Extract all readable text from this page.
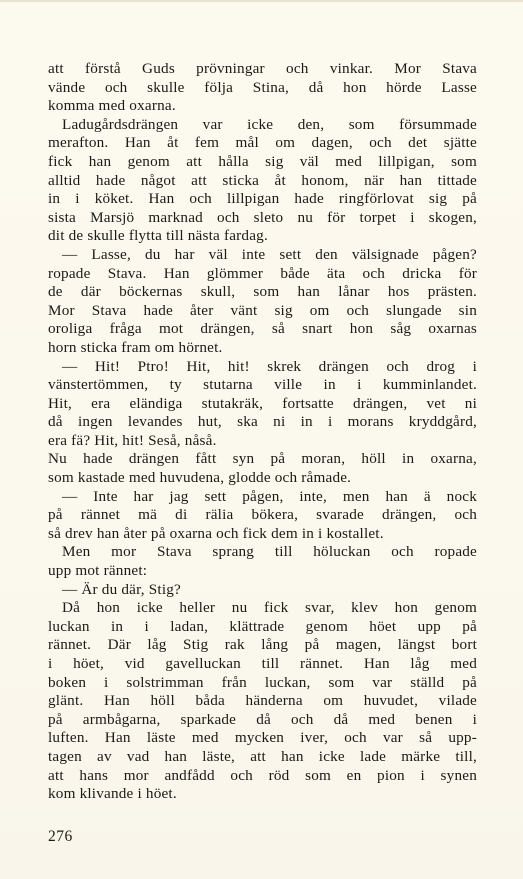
att förstå Guds prövningar och vinkar. Mor Stava
vände och skulle följa Stina, då hon hörde Lasse
komma med oxarna.
Ladugårdsdrängen var icke den, som försummade
merafton. Han åt fem mål om dagen, och det sjätte
fick han genom att hålla sig väl med lillpigan, som
alltid hade något att sticka åt honom, när han tittade
in i köket. Han och lillpigan hade ringförlovat sig på
sista Marsjö marknad och sleto nu för torpet i skogen,
dit de skulle flytta till nästa fardag.
— Lasse, du har väl inte sett den välsignade pågen?
ropade Stava. Han glömmer både äta och dricka för
de där böckernas skull, som han lånar hos prästen.
Mor Stava hade åter vänt sig om och slungade sin
oroliga fråga mot drängen, så snart hon såg oxarnas
horn sticka fram om hörnet.
— Hit! Ptro! Hit, hit! skrek drängen och drog i
vänstertömmen, ty stutarna ville in i kumminlandet.
Hit, era eländiga stutakräk, fortsatte drängen, vet ni
då ingen levandes hut, ska ni in i morans kryddgård,
era fä? Hit, hit! Seså, nåså.
Nu hade drängen fått syn på moran, höll in oxarna,
som kastade med huvudena, glodde och råmade.
— Inte har jag sett pågen, inte, men han ä nock
på rännet mä di rälia bökera, svarade drängen, och
så drev han åter på oxarna och fick dem in i kostallet.
Men mor Stava sprang till höluckan och ropade
upp mot rännet:
— Är du där, Stig?
Då hon icke heller nu fick svar, klev hon genom
luckan in i ladan, klättrade genom höet upp på
rännet. Där låg Stig rak lång på magen, längst bort
i höet, vid gavelluckan till rännet. Han låg med
boken i solstrimman från luckan, som var ställd på
glänt. Han höll båda händerna om huvudet, vilade
på armbågarna, sparkade då och då med benen i
luften. Han läste med mycken iver, och var så upp-
tagen av vad han läste, att han icke lade märke till,
att hans mor andfådd och röd som en pion i synen
kom klivande i höet.
276
